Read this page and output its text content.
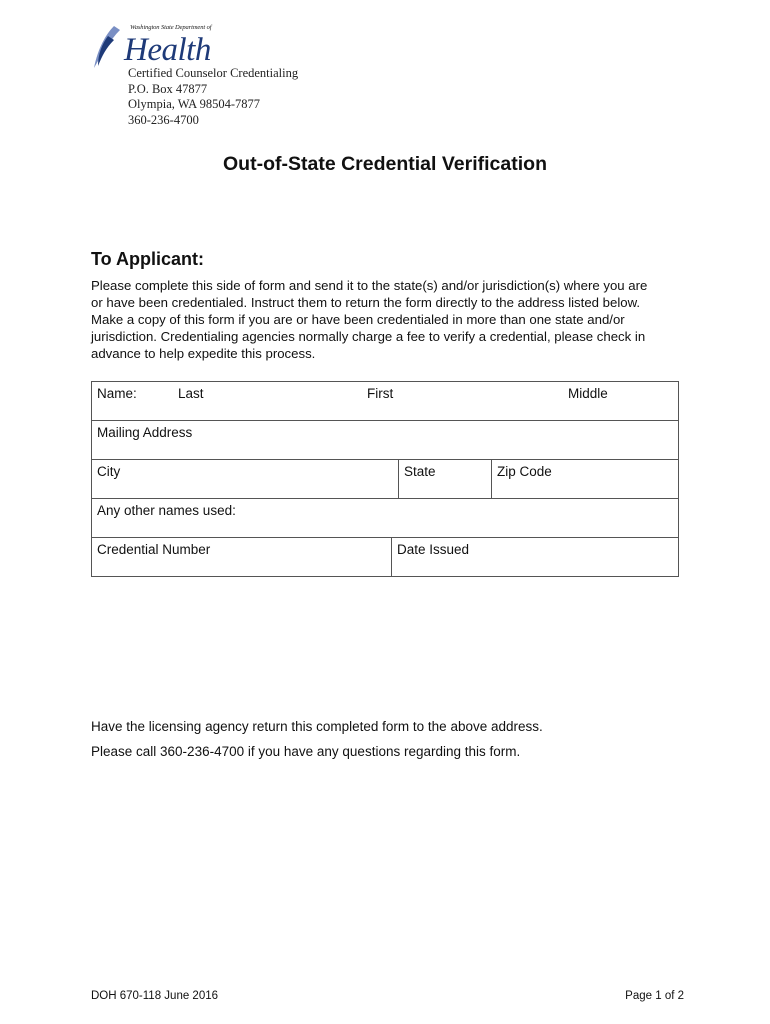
Washington State Department of
Health
Certified Counselor Credentialing
P.O. Box 47877
Olympia, WA 98504-7877
360-236-4700
Out-of-State Credential Verification
To Applicant:
Please complete this side of form and send it to the state(s) and/or jurisdiction(s) where you are
or have been credentialed. Instruct them to return the form directly to the address listed below.
Make a copy of this form if you are or have been credentialed in more than one state and/or
jurisdiction. Credentialing agencies normally charge a fee to verify a credential, please check in
advance to help expedite this process.
Name:	Last	First	Middle
Mailing Address
City	State	Zip Code
Any other names used:
Credential Number	Date Issued
Have the licensing agency return this completed form to the above address.
Please call 360-236-4700 if you have any questions regarding this form.
DOH 670-118 June 2016	Page 1 of 2
